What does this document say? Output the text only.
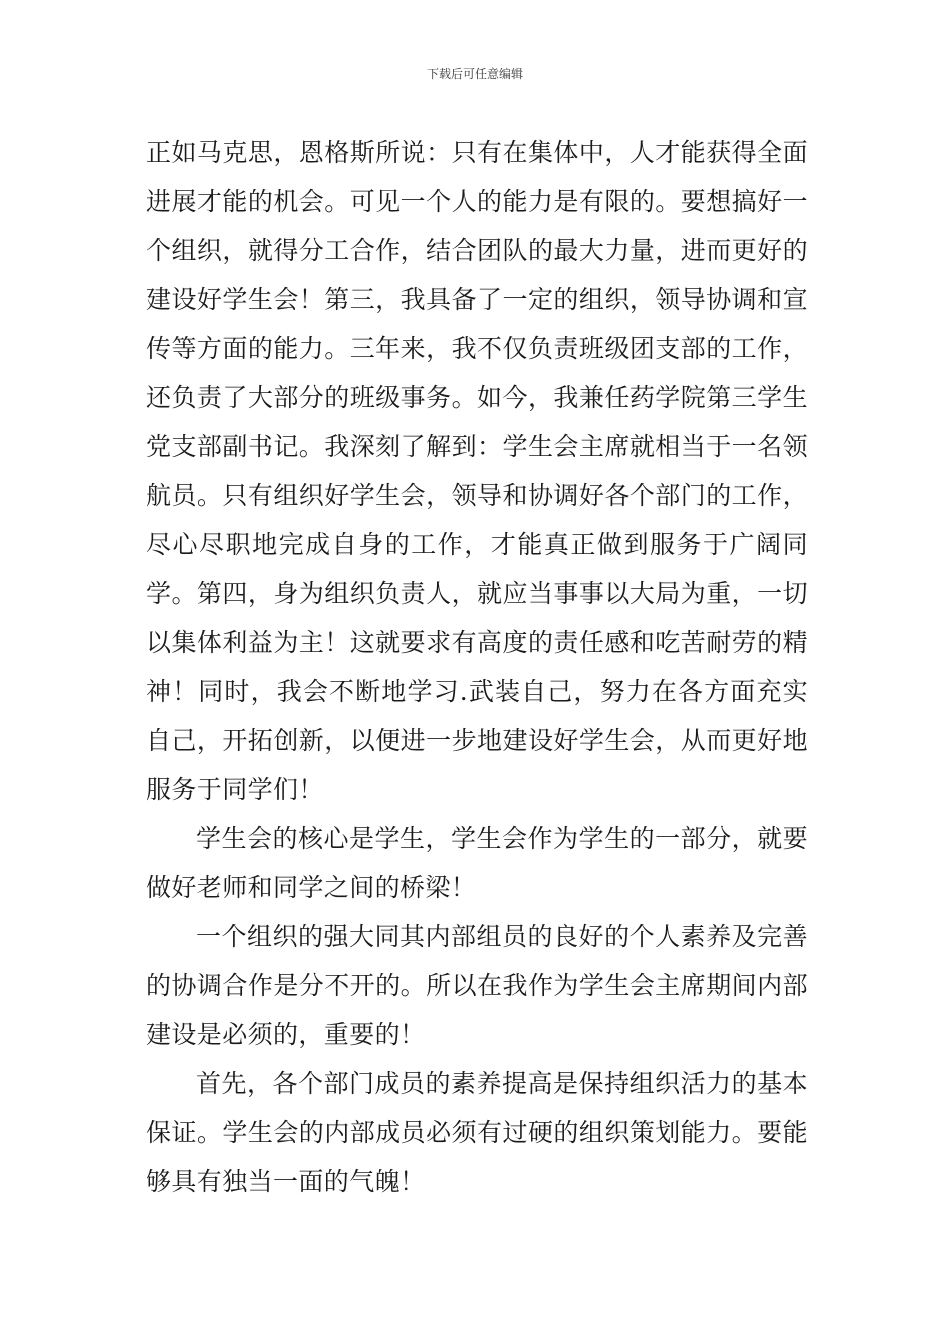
下载后可任意编辑

正如马克思，恩格斯所说：只有在集体中，人才能获得全面进展才能的机会。可见一个人的能力是有限的。要想搞好一个组织，就得分工合作，结合团队的最大力量，进而更好的建设好学生会！第三，我具备了一定的组织，领导协调和宣传等方面的能力。三年来，我不仅负责班级团支部的工作，还负责了大部分的班级事务。如今，我兼任药学院第三学生党支部副书记。我深刻了解到：学生会主席就相当于一名领航员。只有组织好学生会，领导和协调好各个部门的工作，尽心尽职地完成自身的工作，才能真正做到服务于广阔同学。第四，身为组织负责人，就应当事事以大局为重，一切以集体利益为主！这就要求有高度的责任感和吃苦耐劳的精神！同时，我会不断地学习.武装自己，努力在各方面充实自己，开拓创新，以便进一步地建设好学生会，从而更好地服务于同学们！

学生会的核心是学生，学生会作为学生的一部分，就要做好老师和同学之间的桥梁！

一个组织的强大同其内部组员的良好的个人素养及完善的协调合作是分不开的。所以在我作为学生会主席期间内部建设是必须的，重要的！

首先，各个部门成员的素养提高是保持组织活力的基本保证。学生会的内部成员必须有过硬的组织策划能力。要能够具有独当一面的气魄！
